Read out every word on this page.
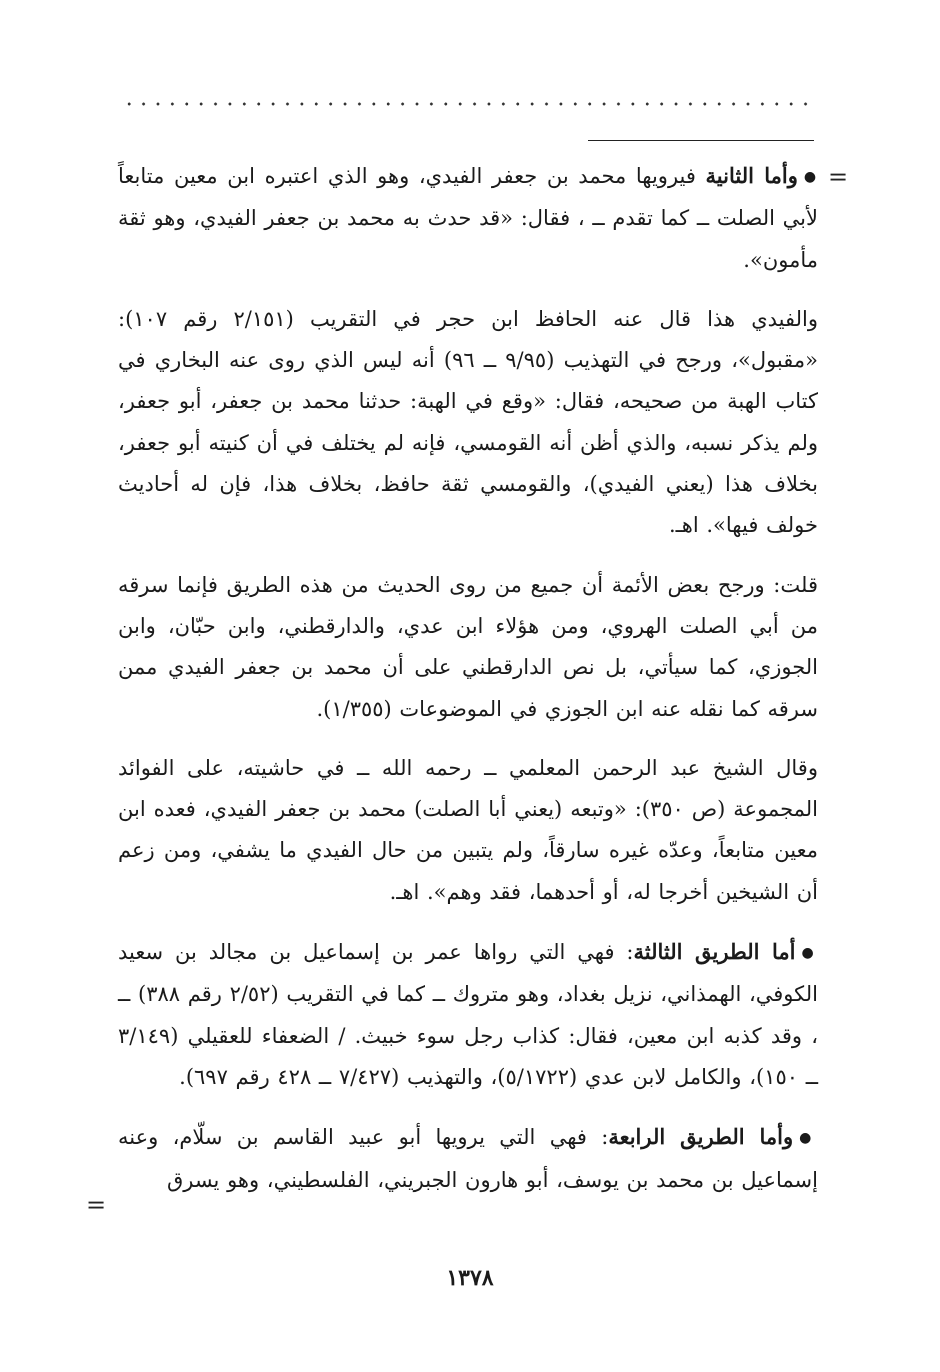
=

●وأما الثانية فيرويها محمد بن جعفر الفيدي، وهو الذي اعتبره ابن معين متابعاً لأبي الصلت ــ كما تقدم ــ ، فقال: «قد حدث به محمد بن جعفر الفيدي، وهو ثقة مأمون».

والفيدي هذا قال عنه الحافظ ابن حجر في التقريب (٢/١٥١ رقم ١٠٧): «مقبول»، ورجح في التهذيب (٩/٩٥ ــ ٩٦) أنه ليس الذي روى عنه البخاري في كتاب الهبة من صحيحه، فقال: «وقع في الهبة: حدثنا محمد بن جعفر، أبو جعفر، ولم يذكر نسبه، والذي أظن أنه القومسي، فإنه لم يختلف في أن كنيته أبو جعفر، بخلاف هذا (يعني الفيدي)، والقومسي ثقة حافظ، بخلاف هذا، فإن له أحاديث خولف فيها». اهـ.

قلت: ورجح بعض الأئمة أن جميع من روى الحديث من هذه الطريق فإنما سرقه من أبي الصلت الهروي، ومن هؤلاء ابن عدي، والدارقطني، وابن حبّان، وابن الجوزي، كما سيأتي، بل نص الدارقطني على أن محمد بن جعفر الفيدي ممن سرقه كما نقله عنه ابن الجوزي في الموضوعات (١/٣٥٥).

وقال الشيخ عبد الرحمن المعلمي ــ رحمه الله ــ في حاشيته، على الفوائد المجموعة (ص ٣٥٠): «وتبعه (يعني أبا الصلت) محمد بن جعفر الفيدي، فعده ابن معين متابعاً، وعدّه غيره سارقاً، ولم يتبين من حال الفيدي ما يشفي، ومن زعم أن الشيخين أخرجا له، أو أحدهما، فقد وهم». اهـ.

●أما الطريق الثالثة: فهي التي رواها عمر بن إسماعيل بن مجالد بن سعيد الكوفي، الهمذاني، نزيل بغداد، وهو متروك ــ كما في التقريب (٢/٥٢ رقم ٣٨٨) ــ ، وقد كذبه ابن معين، فقال: كذاب رجل سوء خبيث. / الضعفاء للعقيلي (٣/١٤٩ ــ ١٥٠)، والكامل لابن عدي (٥/١٧٢٢)، والتهذيب (٧/٤٢٧ ــ ٤٢٨ رقم ٦٩٧).

●وأما الطريق الرابعة: فهي التي يرويها أبو عبيد القاسم بن سلّام، وعنه إسماعيل بن محمد بن يوسف، أبو هارون الجبريني، الفلسطيني، وهو يسرق

=
١٣٧٨
